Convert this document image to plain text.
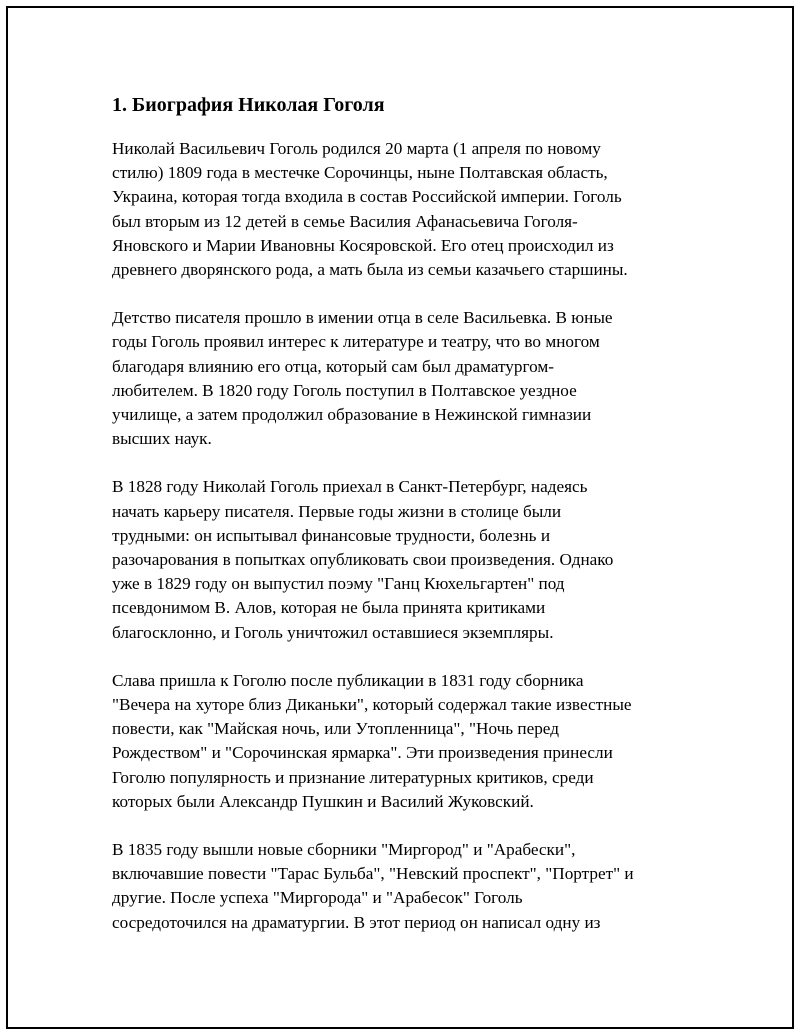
1. Биография Николая Гоголя
Николай Васильевич Гоголь родился 20 марта (1 апреля по новому
стилю) 1809 года в местечке Сорочинцы, ныне Полтавская область,
Украина, которая тогда входила в состав Российской империи. Гоголь
был вторым из 12 детей в семье Василия Афанасьевича Гоголя-
Яновского и Марии Ивановны Косяровской. Его отец происходил из
древнего дворянского рода, а мать была из семьи казачьего старшины.
Детство писателя прошло в имении отца в селе Васильевка. В юные
годы Гоголь проявил интерес к литературе и театру, что во многом
благодаря влиянию его отца, который сам был драматургом-
любителем. В 1820 году Гоголь поступил в Полтавское уездное
училище, а затем продолжил образование в Нежинской гимназии
высших наук.
В 1828 году Николай Гоголь приехал в Санкт-Петербург, надеясь
начать карьеру писателя. Первые годы жизни в столице были
трудными: он испытывал финансовые трудности, болезнь и
разочарования в попытках опубликовать свои произведения. Однако
уже в 1829 году он выпустил поэму "Ганц Кюхельгартен" под
псевдонимом В. Алов, которая не была принята критиками
благосклонно, и Гоголь уничтожил оставшиеся экземпляры.
Слава пришла к Гоголю после публикации в 1831 году сборника
"Вечера на хуторе близ Диканьки", который содержал такие известные
повести, как "Майская ночь, или Утопленница", "Ночь перед
Рождеством" и "Сорочинская ярмарка". Эти произведения принесли
Гоголю популярность и признание литературных критиков, среди
которых были Александр Пушкин и Василий Жуковский.
В 1835 году вышли новые сборники "Миргород" и "Арабески",
включавшие повести "Тарас Бульба", "Невский проспект", "Портрет" и
другие. После успеха "Миргорода" и "Арабесок" Гоголь
сосредоточился на драматургии. В этот период он написал одну из
